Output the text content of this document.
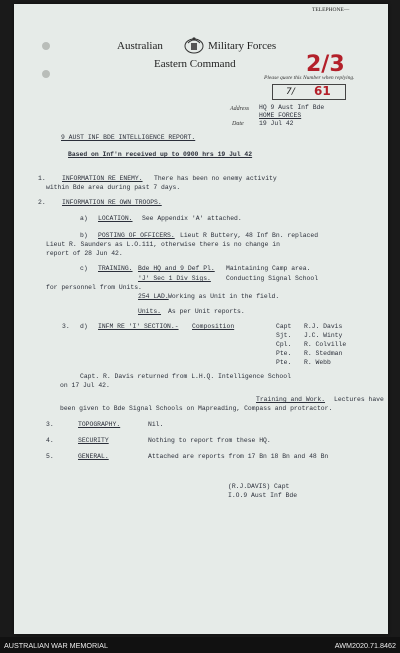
TELEPHONE—
Australian	Military Forces
Eastern Command	2/3
Please quote this Number when replying.
7/ 61
Address HQ 9 Aust Inf Bde
HOME FORCES
Date 19 Jul 42
9 AUST INF BDE INTELLIGENCE REPORT.
Based on Inf'n received up to 0900 hrs 19 Jul 42
1.	INFORMATION RE ENEMY. There has been no enemy activity
within Bde area during past 7 days.
2.	INFORMATION RE OWN TROOPS.
a) LOCATION. See Appendix 'A' attached.
b) POSTING OF OFFICERS. Lieut R Buttery, 48 Inf Bn. replaced
Lieut R. Saunders as L.O.111, otherwise there is no change in
report of 28 Jun 42.
c) TRAINING. Bde HQ and 9 Def Pl. Maintaining Camp area.
'J' Sec 1 Div Sigs. Conducting Signal School
for personnel from Units.
254 LAD. Working as Unit in the field.
Units. As per Unit reports.
3. d) INFM RE 'I' SECTION.- Composition	Capt R.J. Davis
Sjt. J.C. Winty
Cpl. R. Colville
Pte. R. Stedman
Pte. R. Webb
Capt. R. Davis returned from L.H.Q. Intelligence School
on 17 Jul 42.
Training and Work. Lectures have
been given to Bde Signal Schools on Mapreading, Compass and protractor.
3.	TOPOGRAPHY.	Nil.
4.	SECURITY	Nothing to report from these HQ.
5.	GENERAL.	Attached are reports from 17 Bn 18 Bn and 48 Bn
(R.J.DAVIS) Capt
I.O.9 Aust Inf Bde
AUSTRALIAN WAR MEMORIAL	AWM2020.71.8462
